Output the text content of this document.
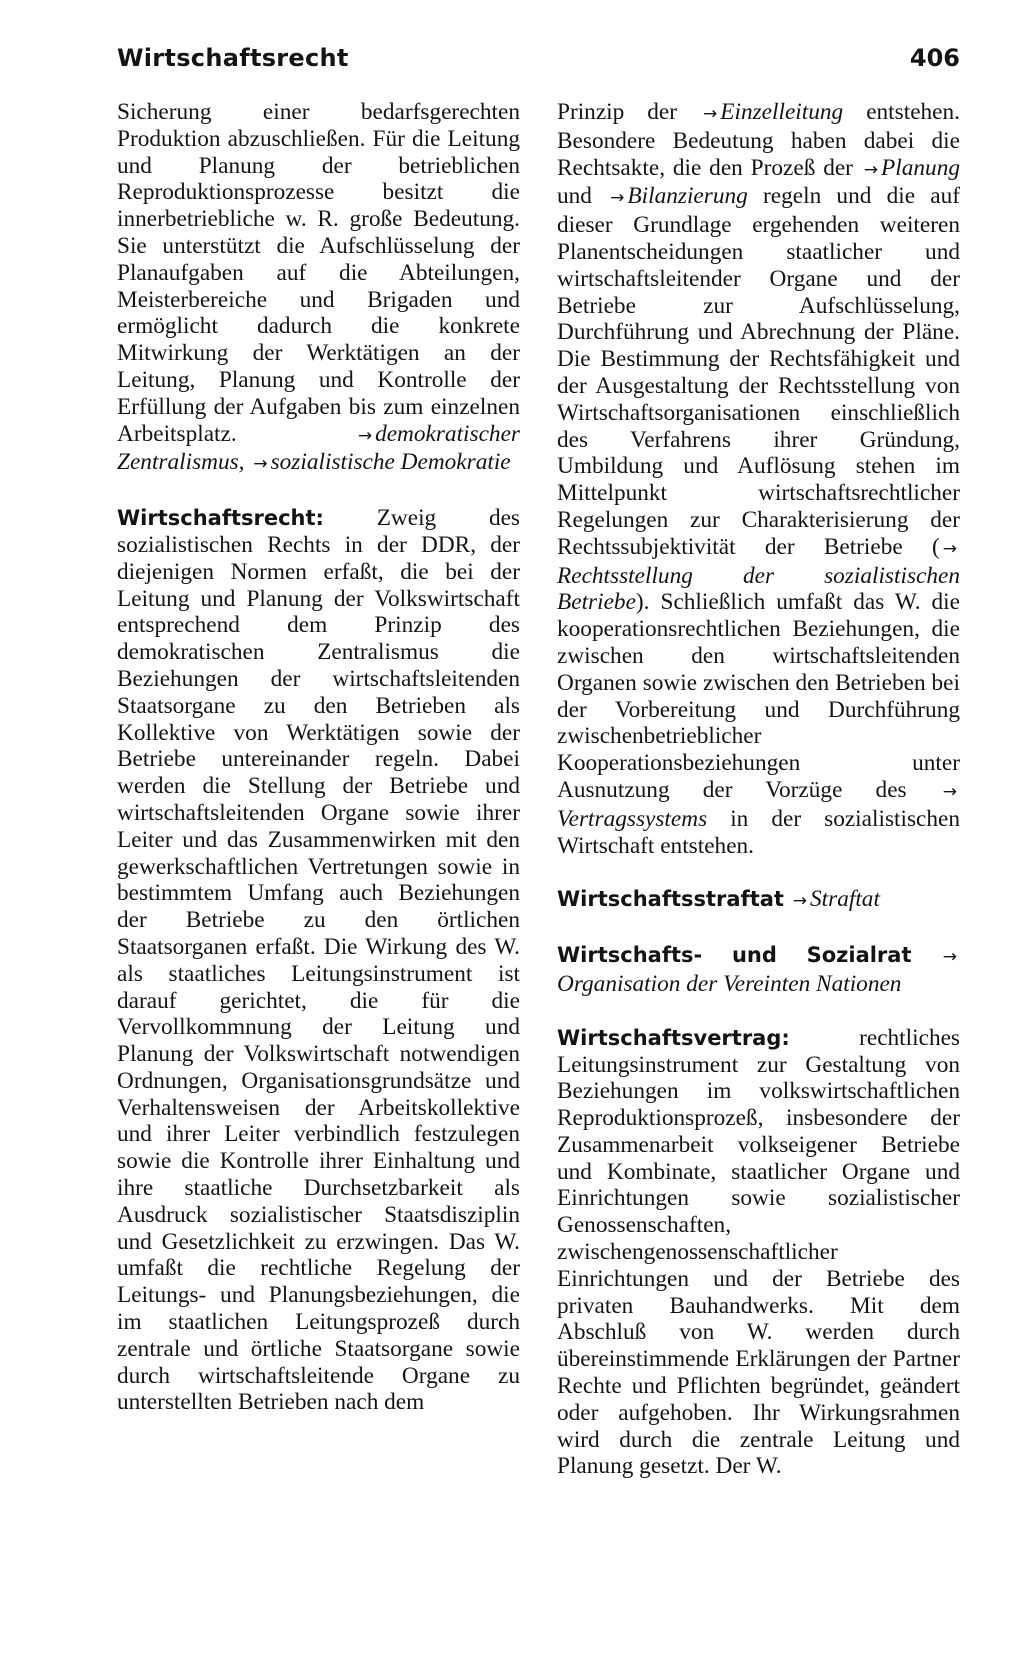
Wirtschaftsrecht	406

Sicherung einer bedarfsgerechten Produktion abzuschließen. Für die Leitung und Planung der betrieblichen Reproduktionsprozesse besitzt die innerbetriebliche w. R. große Bedeutung. Sie unterstützt die Aufschlüsselung der Planaufgaben auf die Abteilungen, Meisterbereiche und Brigaden und ermöglicht dadurch die konkrete Mitwirkung der Werktätigen an der Leitung, Planung und Kontrolle der Erfüllung der Aufgaben bis zum einzelnen Arbeitsplatz.	→ demokratischer Zentralismus, → sozialistische Demokratie

Wirtschaftsrecht: Zweig des sozialistischen Rechts in der DDR, der diejenigen Normen erfaßt, die bei der Leitung und Planung der Volkswirtschaft entsprechend dem Prinzip des demokratischen Zentralismus die Beziehungen der wirtschaftsleitenden Staatsorgane zu den Betrieben als Kollektive von Werktätigen sowie der Betriebe untereinander regeln. Dabei werden die Stellung der Betriebe und wirtschaftsleitenden Organe sowie ihrer Leiter und das Zusammenwirken mit den gewerkschaftlichen Vertretungen sowie in bestimmtem Umfang auch Beziehungen der Betriebe zu den örtlichen Staatsorganen erfaßt. Die Wirkung des W. als staatliches Leitungsinstrument ist darauf gerichtet, die für die Vervollkommnung der Leitung und Planung der Volkswirtschaft notwendigen Ordnungen, Organisationsgrundsätze und Verhaltensweisen der Arbeitskollektive und ihrer Leiter verbindlich festzulegen sowie die Kontrolle ihrer Einhaltung und ihre staatliche Durchsetzbarkeit als Ausdruck sozialistischer Staatsdisziplin und Gesetzlichkeit zu erzwingen. Das W. umfaßt die rechtliche Regelung der Leitungs- und Planungsbeziehungen, die im staatlichen Leitungsprozeß durch zentrale und örtliche Staatsorgane sowie durch wirtschaftsleitende Organe zu unterstellten Betrieben nach dem

Prinzip der → Einzelleitung entstehen. Besondere Bedeutung haben dabei die Rechtsakte, die den Prozeß der → Planung und → Bilanzierung regeln und die auf dieser Grundlage ergehenden weiteren Planentscheidungen staatlicher und wirtschaftsleitender Organe und der Betriebe zur Aufschlüsselung, Durchführung und Abrechnung der Pläne. Die Bestimmung der Rechtsfähigkeit und der Ausgestaltung der Rechtsstellung von Wirtschaftsorganisationen einschließlich des Verfahrens ihrer Gründung, Umbildung und Auflösung stehen im Mittelpunkt wirtschaftsrechtlicher Regelungen zur Charakterisierung der Rechtssubjektivität der Betriebe ( →Rechtsstellung der sozialistischen Betriebe). Schließlich umfaßt das W. die kooperationsrechtlichen Beziehungen, die zwischen den wirtschaftsleitenden Organen sowie zwischen den Betrieben bei der Vorbereitung und Durchführung zwischenbetrieblicher Kooperationsbeziehungen unter Ausnutzung der Vorzüge des →Vertragssystems in der sozialistischen Wirtschaft entstehen.

Wirtschaftsstraftat → Straftat

Wirtschafts- und Sozialrat →Organisation der Vereinten Nationen

Wirtschaftsvertrag:	rechtliches Leitungsinstrument zur Gestaltung von Beziehungen im volkswirtschaftlichen Reproduktionsprozeß, insbesondere der Zusammenarbeit volkseigener Betriebe und Kombinate, staatlicher Organe und Einrichtungen sowie sozialistischer Genossenschaften, zwischengenossenschaftlicher Einrichtungen und der Betriebe des privaten Bauhandwerks. Mit dem Abschluß von W. werden durch übereinstimmende Erklärungen der Partner Rechte und Pflichten begründet, geändert oder aufgehoben. Ihr Wirkungsrahmen wird durch die zentrale Leitung und Planung gesetzt. Der W.
